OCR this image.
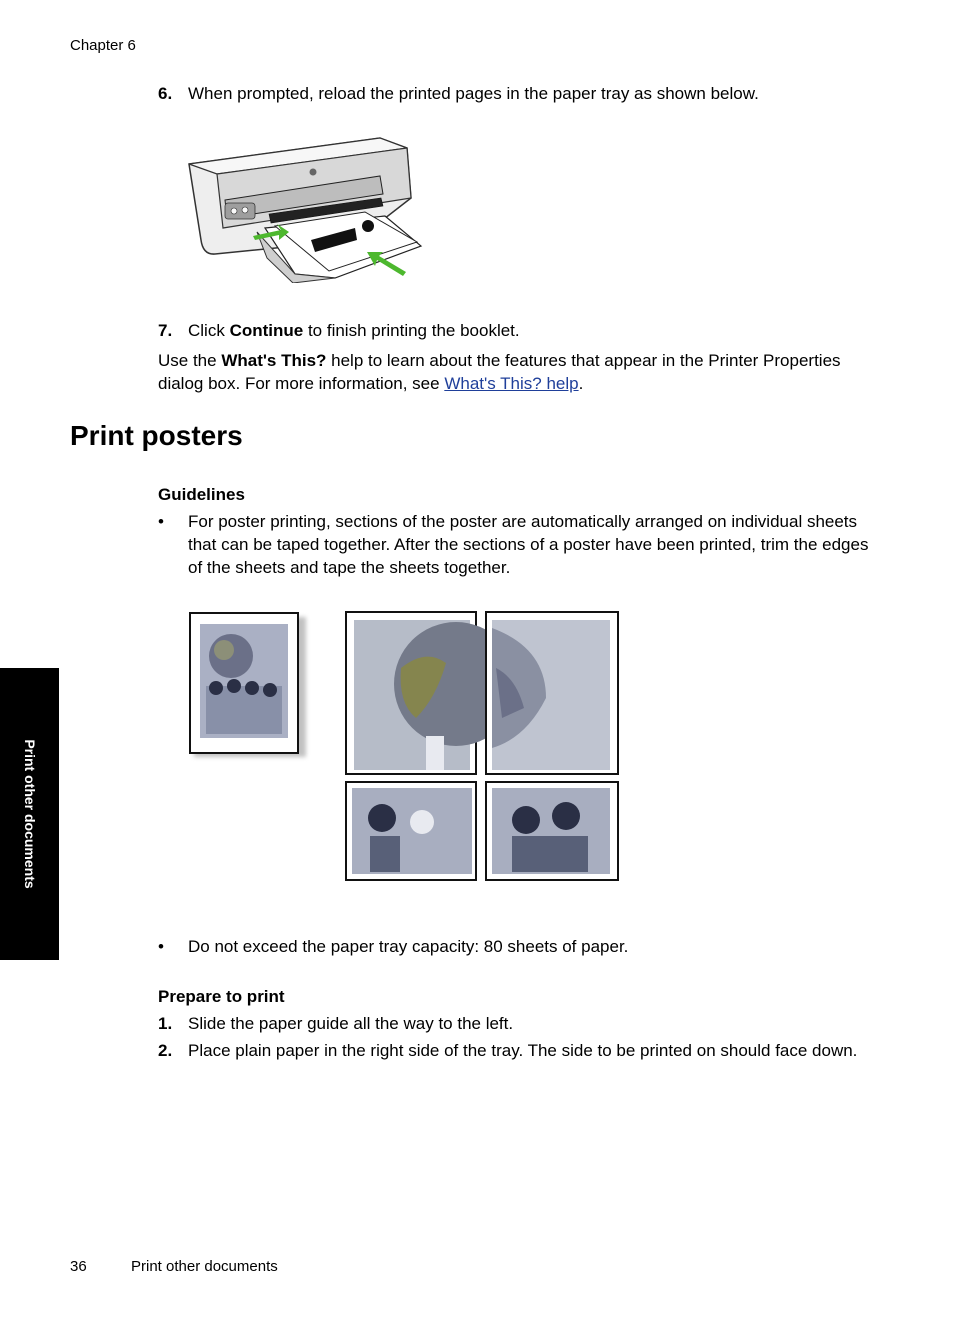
Chapter 6
6. When prompted, reload the printed pages in the paper tray as shown below.
7. Click Continue to finish printing the booklet.
Use the What's This? help to learn about the features that appear in the Printer Properties dialog box. For more information, see What's This? help.
Print posters
Guidelines
• For poster printing, sections of the poster are automatically arranged on individual sheets that can be taped together. After the sections of a poster have been printed, trim the edges of the sheets and tape the sheets together.
• Do not exceed the paper tray capacity: 80 sheets of paper.
Prepare to print
1. Slide the paper guide all the way to the left.
2. Place plain paper in the right side of the tray. The side to be printed on should face down.
Print other documents
36	Print other documents
